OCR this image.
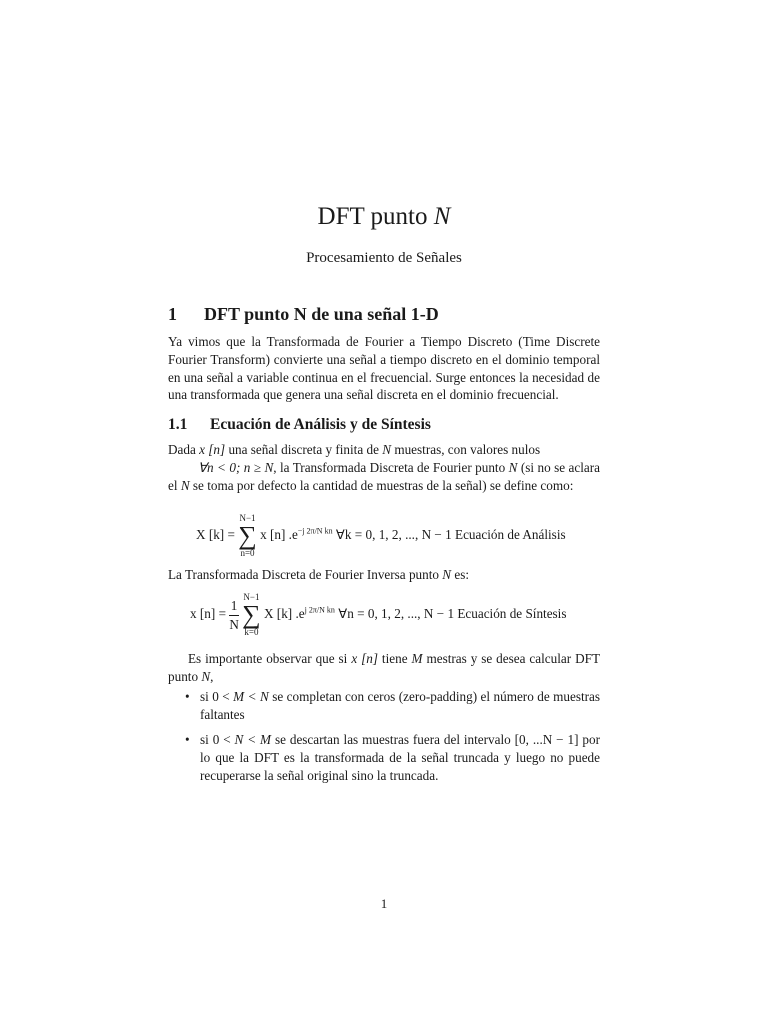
DFT punto N
Procesamiento de Señales
1 DFT punto N de una señal 1-D

Ya vimos que la Transformada de Fourier a Tiempo Discreto (Time Discrete Fourier Transform) convierte una señal a tiempo discreto en el dominio temporal en una señal a variable continua en el frecuencial. Surge entonces la necesidad de una transformada que genera una señal discreta en el dominio frecuencial.

1.1 Ecuación de Análisis y de Síntesis

Dada x [n] una señal discreta y finita de N muestras, con valores nulos
∀n < 0; n ≥ N, la Transformada Discreta de Fourier punto N (si no se aclara el N se toma por defecto la cantidad de muestras de la señal) se define como:

X [k] =
N−1
∑
n=0
x [n] $.e^{-j 2\pi/N kn}$ ∀k = 0, 1, 2, ..., N − 1 Ecuación de Análisis

La Transformada Discreta de Fourier Inversa punto N es:

x $[n] = \frac{1}{N}$

N−1
∑
k=0
X [k] $.e^{j 2\pi/N kn}$ ∀n = 0, 1, 2, ..., N − 1 Ecuación de Síntesis

Es importante observar que si x [n] tiene M mestras y se desea calcular DFT punto N,

• si 0 < M < N se completan con ceros (zero-padding) el número de muestras faltantes
• si 0 < N < M se descartan las muestras fuera del intervalo [0, ...N − 1] por lo que la DFT es la transformada de la señal truncada y luego no puede recuperarse la señal original sino la truncada.
1
